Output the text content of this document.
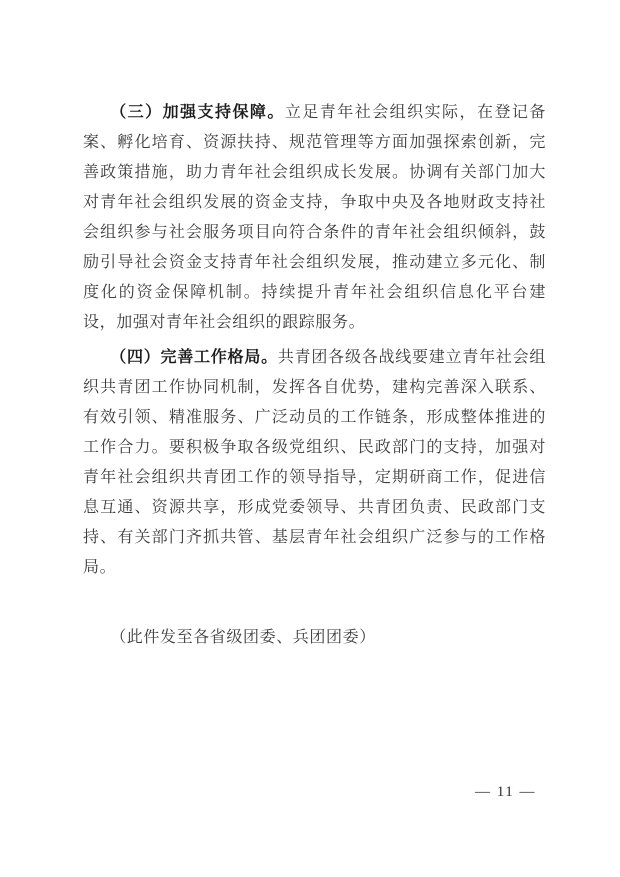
（三）加强支持保障。立足青年社会组织实际，在登记备案、孵化培育、资源扶持、规范管理等方面加强探索创新，完善政策措施，助力青年社会组织成长发展。协调有关部门加大对青年社会组织发展的资金支持，争取中央及各地财政支持社会组织参与社会服务项目向符合条件的青年社会组织倾斜，鼓励引导社会资金支持青年社会组织发展，推动建立多元化、制度化的资金保障机制。持续提升青年社会组织信息化平台建设，加强对青年社会组织的跟踪服务。

（四）完善工作格局。共青团各级各战线要建立青年社会组织共青团工作协同机制，发挥各自优势，建构完善深入联系、有效引领、精准服务、广泛动员的工作链条，形成整体推进的工作合力。要积极争取各级党组织、民政部门的支持，加强对青年社会组织共青团工作的领导指导，定期研商工作，促进信息互通、资源共享，形成党委领导、共青团负责、民政部门支持、有关部门齐抓共管、基层青年社会组织广泛参与的工作格局。

（此件发至各省级团委、兵团团委）

— 11 —
